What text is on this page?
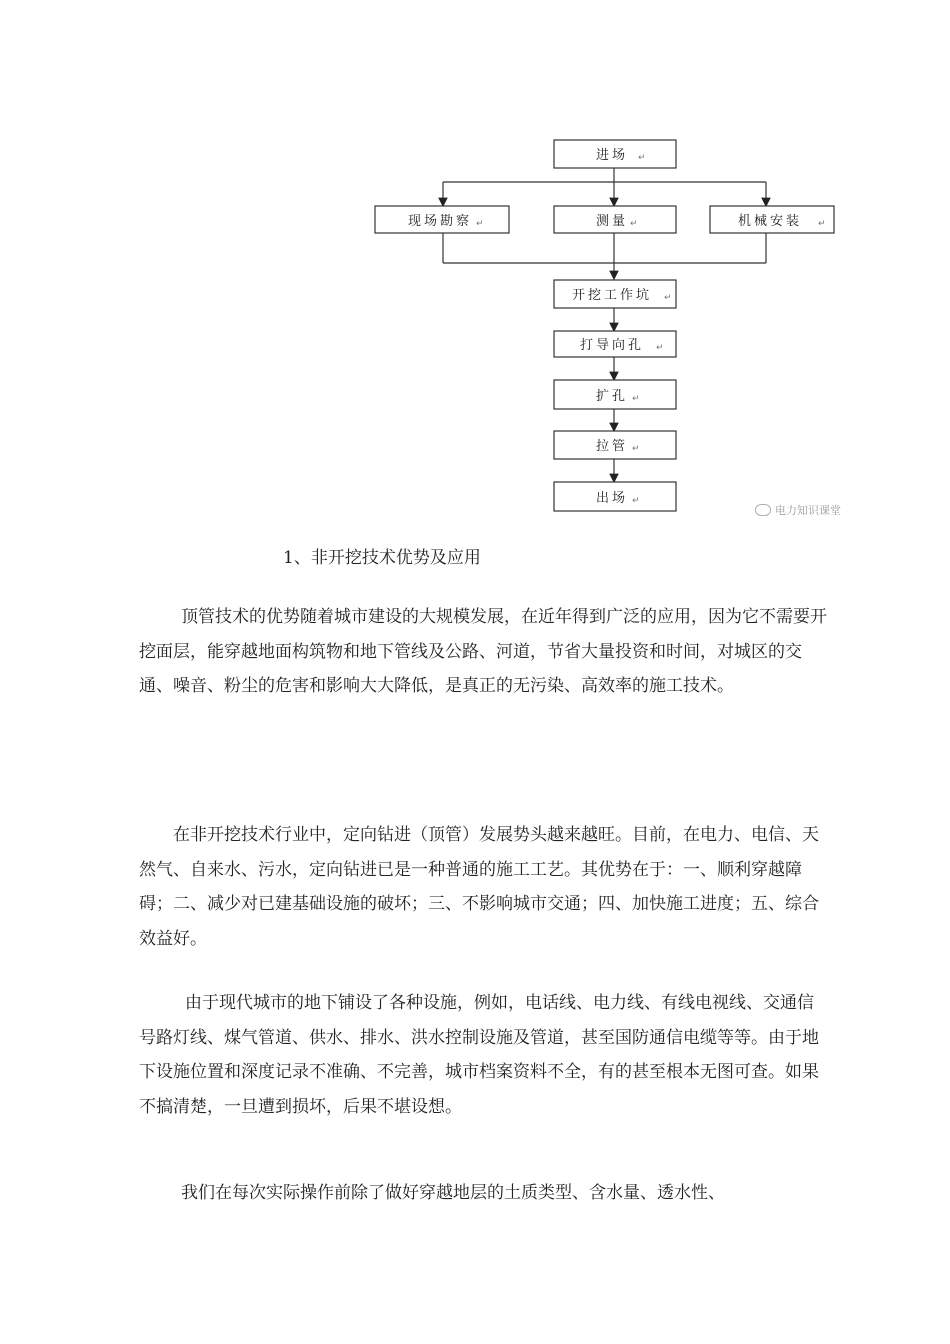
进场
现场勘察	测量	机械安装
开挖工作坑
打导向孔
扩孔
拉管
出场
↵
↵	↵	↵
↵
↵
↵
↵
↵
电力知识课堂
1、非开挖技术优势及应用

顶管技术的优势随着城市建设的大规模发展，在近年得到广泛的应用，因为它不需要开挖面层，能穿越地面构筑物和地下管线及公路、河道，节省大量投资和时间，对城区的交通、噪音、粉尘的危害和影响大大降低，是真正的无污染、高效率的施工技术。

在非开挖技术行业中，定向钻进（顶管）发展势头越来越旺。目前，在电力、电信、天然气、自来水、污水，定向钻进已是一种普通的施工工艺。其优势在于：一、顺利穿越障碍；二、减少对已建基础设施的破坏；三、不影响城市交通；四、加快施工进度；五、综合效益好。

由于现代城市的地下铺设了各种设施，例如，电话线、电力线、有线电视线、交通信号路灯线、煤气管道、供水、排水、洪水控制设施及管道，甚至国防通信电缆等等。由于地下设施位置和深度记录不准确、不完善，城市档案资料不全，有的甚至根本无图可查。如果不搞清楚，一旦遭到损坏，后果不堪设想。

我们在每次实际操作前除了做好穿越地层的土质类型、含水量、透水性、
